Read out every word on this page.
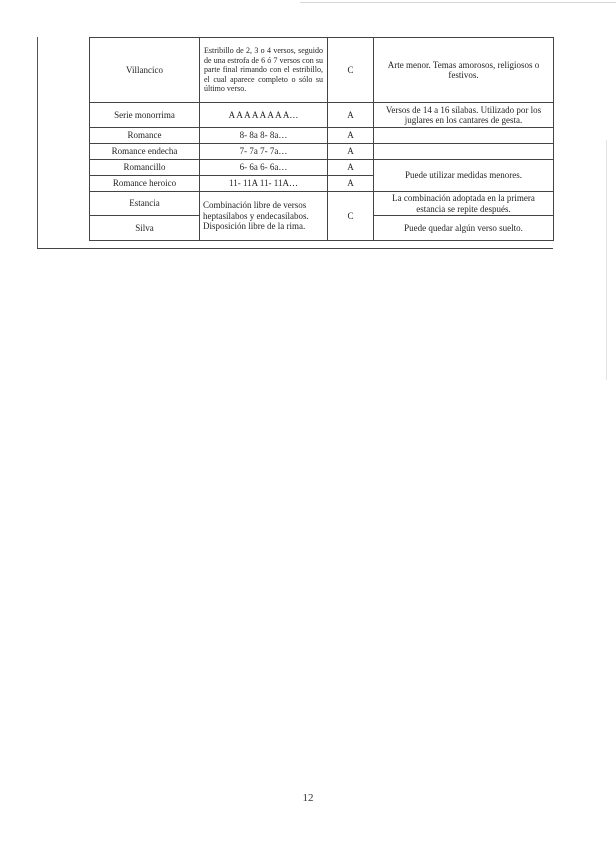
Villancico	Estribillo de 2, 3 o 4 versos, seguido de una estrofa de 6 ó 7 versos con su parte final rimando con el estribillo, el cual aparece completo o sólo su último verso.	C	Arte menor. Temas amorosos, religiosos o festivos.
Serie monorrima	A A A A A A A A…	A	Versos de 14 a 16 sílabas. Utilizado por los juglares en los cantares de gesta.
Romance	8- 8a 8- 8a…	A	
Romance endecha	7- 7a 7- 7a…	A	
Romancillo	6- 6a 6- 6a…	A	Puede utilizar medidas menores.
Romance heroico	11- 11A 11- 11A…	A	
Estancia	Combinación libre de versos heptasílabos y endecasílabos. Disposición libre de la rima.	C	La combinación adoptada en la primera estancia se repite después.
Silva			Puede quedar algún verso suelto.
12
